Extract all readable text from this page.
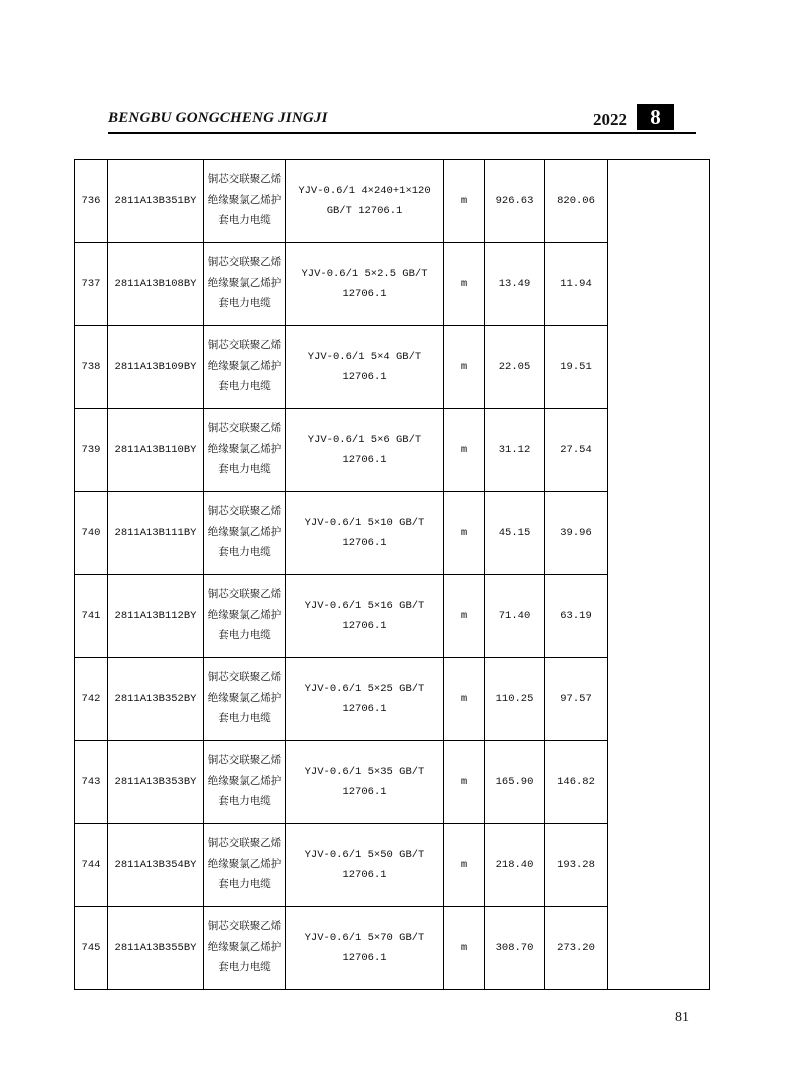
BENGBU GONGCHENG JINGJI	2022	8
736	2811A13B351BY	铜芯交联聚乙烯绝缘聚氯乙烯护套电力电缆	YJV-0.6/1 4×240+1×120 GB/T 12706.1	m	926.63	820.06	
737	2811A13B108BY	铜芯交联聚乙烯绝缘聚氯乙烯护套电力电缆	YJV-0.6/1 5×2.5 GB/T 12706.1	m	13.49	11.94	
738	2811A13B109BY	铜芯交联聚乙烯绝缘聚氯乙烯护套电力电缆	YJV-0.6/1 5×4 GB/T 12706.1	m	22.05	19.51	
739	2811A13B110BY	铜芯交联聚乙烯绝缘聚氯乙烯护套电力电缆	YJV-0.6/1 5×6 GB/T 12706.1	m	31.12	27.54	
740	2811A13B111BY	铜芯交联聚乙烯绝缘聚氯乙烯护套电力电缆	YJV-0.6/1 5×10 GB/T 12706.1	m	45.15	39.96	
741	2811A13B112BY	铜芯交联聚乙烯绝缘聚氯乙烯护套电力电缆	YJV-0.6/1 5×16 GB/T 12706.1	m	71.40	63.19	
742	2811A13B352BY	铜芯交联聚乙烯绝缘聚氯乙烯护套电力电缆	YJV-0.6/1 5×25 GB/T 12706.1	m	110.25	97.57	
743	2811A13B353BY	铜芯交联聚乙烯绝缘聚氯乙烯护套电力电缆	YJV-0.6/1 5×35 GB/T 12706.1	m	165.90	146.82	
744	2811A13B354BY	铜芯交联聚乙烯绝缘聚氯乙烯护套电力电缆	YJV-0.6/1 5×50 GB/T 12706.1	m	218.40	193.28	
745	2811A13B355BY	铜芯交联聚乙烯绝缘聚氯乙烯护套电力电缆	YJV-0.6/1 5×70 GB/T 12706.1	m	308.70	273.20	
81
